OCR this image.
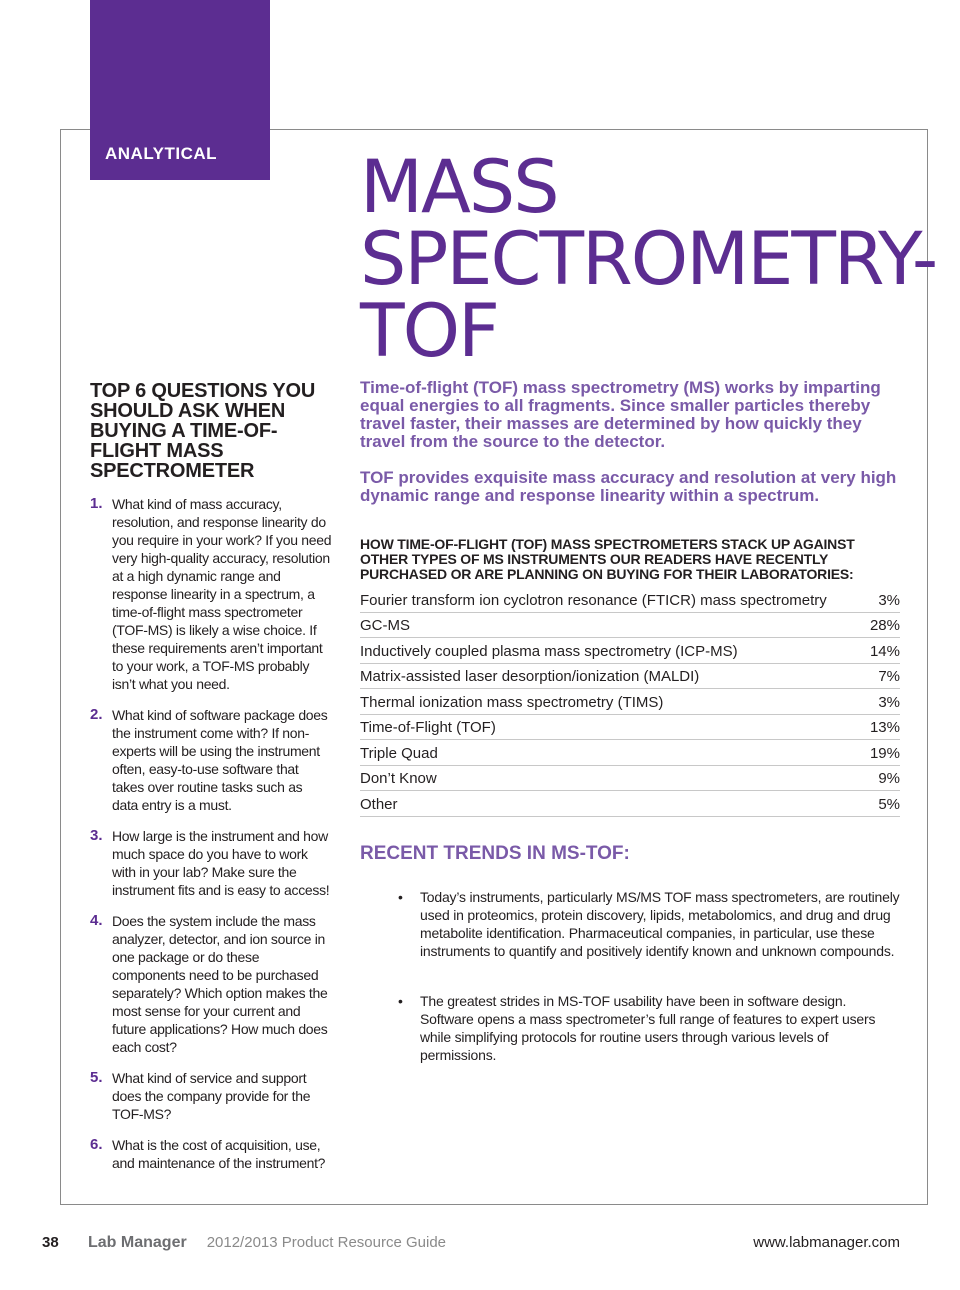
ANALYTICAL MASS
SPECTROMETRY-
TOF

Time-of-flight (TOF) mass spectrometry (MS) works by imparting equal energies to all fragments. Since smaller particles thereby travel faster, their masses are determined by how quickly they travel from the source to the detector.

TOF provides exquisite mass accuracy and resolution at very high dynamic range and response linearity within a spectrum.

TOP 6 QUESTIONS YOU SHOULD ASK WHEN BUYING A TIME-OF-FLIGHT MASS SPECTROMETER
1. What kind of mass accuracy, resolution, and response linearity do you require in your work? If you need very high-quality accuracy, resolution at a high dynamic range and response linearity in a spectrum, a time-of-flight mass spectrometer (TOF-MS) is likely a wise choice. If these requirements aren’t important to your work, a TOF-MS probably isn’t what you need.
2. What kind of software package does the instrument come with? If non-experts will be using the instrument often, easy-to-use software that takes over routine tasks such as data entry is a must.
3. How large is the instrument and how much space do you have to work with in your lab? Make sure the instrument fits and is easy to access!
4. Does the system include the mass analyzer, detector, and ion source in one package or do these components need to be purchased separately? Which option makes the most sense for your current and future applications? How much does each cost?
5. What kind of service and support does the company provide for the TOF-MS?
6. What is the cost of acquisition, use, and maintenance of the instrument?
HOW TIME-OF-FLIGHT (TOF) MASS SPECTROMETERS STACK UP AGAINST OTHER TYPES OF MS INSTRUMENTS OUR READERS HAVE RECENTLY PURCHASED OR ARE PLANNING ON BUYING FOR THEIR LABORATORIES:
Fourier transform ion cyclotron resonance (FTICR) mass spectrometry	3%
GC-MS	28%
Inductively coupled plasma mass spectrometry (ICP-MS)	14%
Matrix-assisted laser desorption/ionization (MALDI)	7%
Thermal ionization mass spectrometry (TIMS)	3%
Time-of-Flight (TOF)	13%
Triple Quad	19%
Don’t Know	9%
Other	5%
RECENT TRENDS IN MS-TOF:
•	Today’s instruments, particularly MS/MS TOF mass spectrometers, are routinely used in proteomics, protein discovery, lipids, metabolomics, and drug and drug metabolite identification. Pharmaceutical companies, in particular, use these instruments to quantify and positively identify known and unknown compounds.
•	The greatest strides in MS-TOF usability have been in software design. Software opens a mass spectrometer’s full range of features to expert users while simplifying protocols for routine users through various levels of permissions.
38	Lab Manager 2012/2013 Product Resource Guide	www.labmanager.com
